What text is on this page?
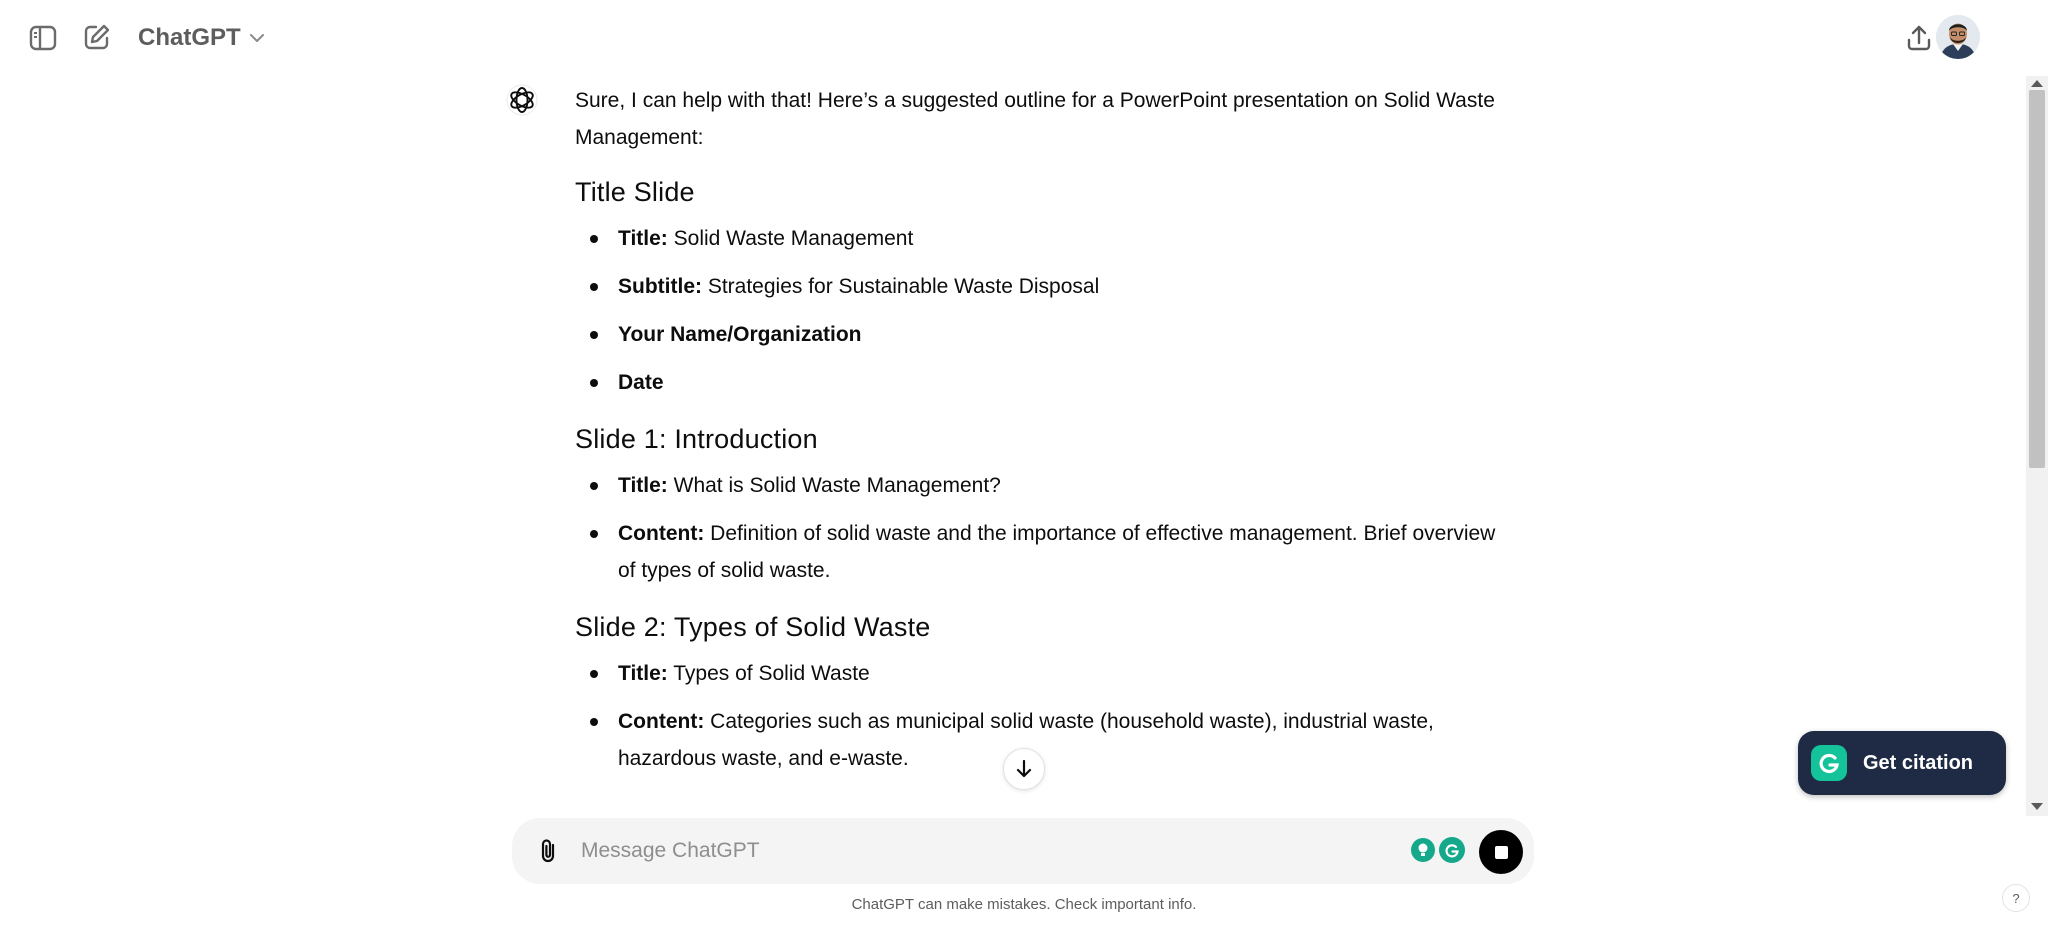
ChatGPT

Sure, I can help with that! Here’s a suggested outline for a PowerPoint presentation on Solid Waste Management:

Title Slide
Title: Solid Waste Management
Subtitle: Strategies for Sustainable Waste Disposal
Your Name/Organization
Date
Slide 1: Introduction
Title: What is Solid Waste Management?
Content: Definition of solid waste and the importance of effective management. Brief overview of types of solid waste.
Slide 2: Types of Solid Waste
Title: Types of Solid Waste
Content: Categories such as municipal solid waste (household waste), industrial waste, hazardous waste, and e-waste.	Get citation
Message ChatGPT
ChatGPT can make mistakes. Check important info.	?
